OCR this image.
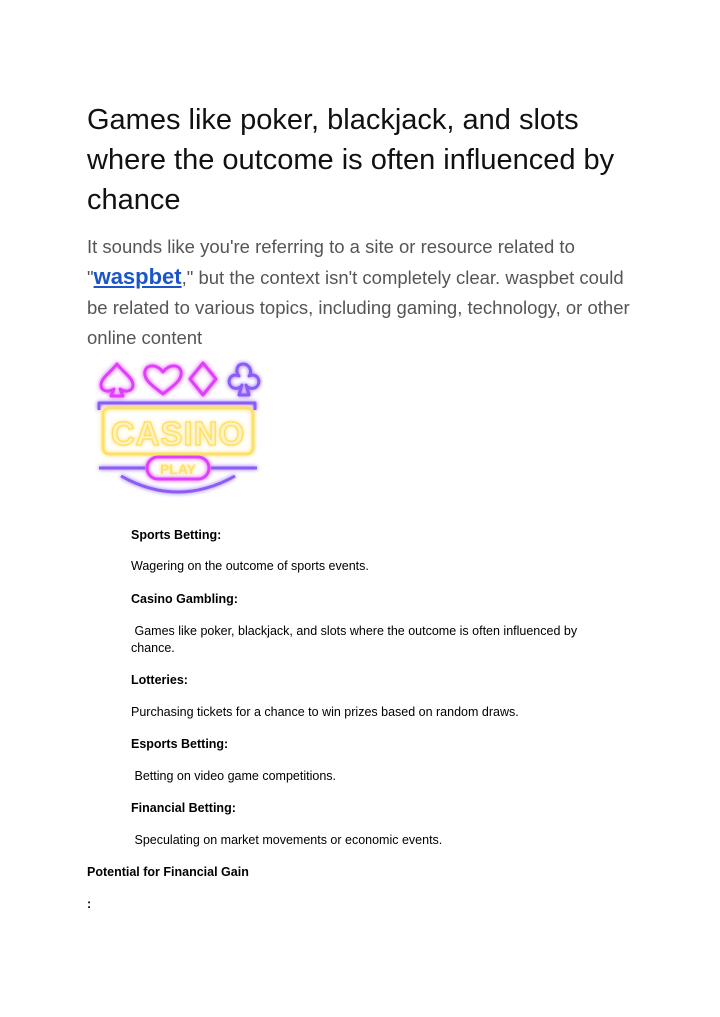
Games like poker, blackjack, and slots where the outcome is often influenced by chance

It sounds like you're referring to a site or resource related to "waspbet," but the context isn't completely clear. waspbet could be related to various topics, including gaming, technology, or other online content

CASINO
PLAY

Sports Betting:

Wagering on the outcome of sports events.

Casino Gambling:

Games like poker, blackjack, and slots where the outcome is often influenced by chance.

Lotteries:

Purchasing tickets for a chance to win prizes based on random draws.

Esports Betting:

Betting on video game competitions.

Financial Betting:

Speculating on market movements or economic events.

Potential for Financial Gain

:
